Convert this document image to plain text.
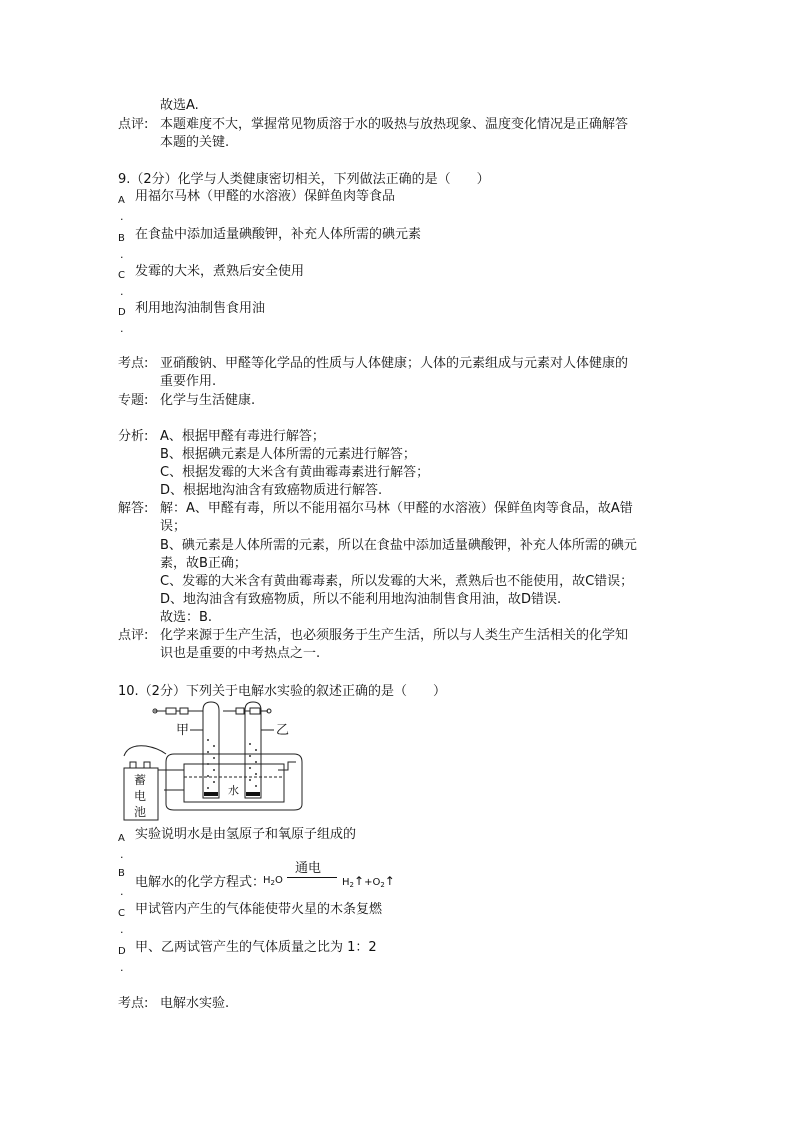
故选A.
点评: 本题难度不大，掌握常见物质溶于水的吸热与放热现象、温度变化情况是正确解答
本题的关键.
9.（2分）化学与人类健康密切相关，下列做法正确的是（　　）
A 用福尔马林（甲醛的水溶液）保鲜鱼肉等食品
.
B 在食盐中添加适量碘酸钾，补充人体所需的碘元素
.
C 发霉的大米，煮熟后安全使用
.
D 利用地沟油制售食用油
.
考点: 亚硝酸钠、甲醛等化学品的性质与人体健康；人体的元素组成与元素对人体健康的
重要作用.
专题: 化学与生活健康.
分析: A、根据甲醛有毒进行解答；
B、根据碘元素是人体所需的元素进行解答；
C、根据发霉的大米含有黄曲霉毒素进行解答；
D、根据地沟油含有致癌物质进行解答.
解答: 解：A、甲醛有毒，所以不能用福尔马林（甲醛的水溶液）保鲜鱼肉等食品，故A错
误；
B、碘元素是人体所需的元素，所以在食盐中添加适量碘酸钾，补充人体所需的碘元
素，故B正确；
C、发霉的大米含有黄曲霉毒素，所以发霉的大米，煮熟后也不能使用，故C错误；
D、地沟油含有致癌物质，所以不能利用地沟油制售食用油，故D错误.
故选：B.
点评: 化学来源于生产生活，也必须服务于生产生活，所以与人类生产生活相关的化学知
识也是重要的中考热点之一.
10.（2分）下列关于电解水实验的叙述正确的是（　　）
甲	乙
水
蓄
电
池
A 实验说明水是由氢原子和氧原子组成的
.
B
电解水的化学方程式：
.
通电
$H_2O$	$H_2↑+O_2↑$
C 甲试管内产生的气体能使带火星的木条复燃
.
D 甲、乙两试管产生的气体质量之比为 1：2
.
考点: 电解水实验.
